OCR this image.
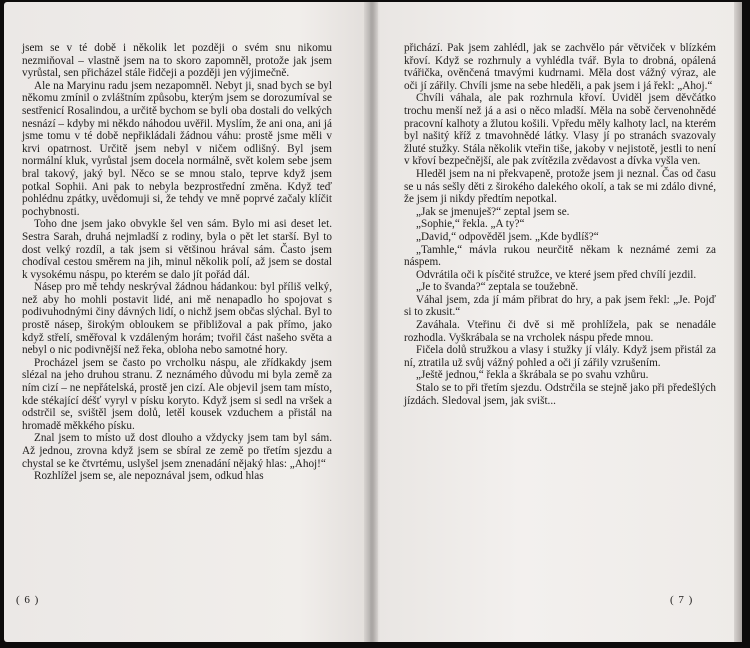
jsem se v té době i několik let později o svém snu nikomu nezmiňoval – vlastně jsem na to skoro zapomněl, protože jak jsem vyrůstal, sen přicházel stále řidčeji a později jen výjimečně.

Ale na Maryinu radu jsem nezapomněl. Nebyt ji, snad bych se byl někomu zmínil o zvláštním způsobu, kterým jsem se dorozumíval se sestřenicí Rosalindou, a určitě bychom se byli oba dostali do velkých nesnází – kdyby mi někdo náhodou uvěřil. Myslím, že ani ona, ani já jsme tomu v té době nepřikládali žádnou váhu: prostě jsme měli v krvi opatrnost. Určitě jsem nebyl v ničem odlišný. Byl jsem normální kluk, vyrůstal jsem docela normálně, svět kolem sebe jsem bral takový, jaký byl. Něco se se mnou stalo, teprve když jsem potkal Sophii. Ani pak to nebyla bezprostřední změna. Když teď pohlédnu zpátky, uvědomuji si, že tehdy ve mně poprvé začaly klíčit pochybnosti.

Toho dne jsem jako obvykle šel ven sám. Bylo mi asi deset let. Sestra Sarah, druhá nejmladší z rodiny, byla o pět let starší. Byl to dost velký rozdíl, a tak jsem si většinou hrával sám. Často jsem chodíval cestou směrem na jih, minul několik polí, až jsem se dostal k vysokému náspu, po kterém se dalo jít pořád dál.

Násep pro mě tehdy neskrýval žádnou hádankou: byl příliš velký, než aby ho mohli postavit lidé, ani mě nenapadlo ho spojovat s podivuhodnými činy dávných lidí, o nichž jsem občas slýchal. Byl to prostě násep, širokým obloukem se přibližoval a pak přímo, jako když střelí, směřoval k vzdáleným horám; tvořil část našeho světa a nebyl o nic podivnější než řeka, obloha nebo samotné hory.

Procházel jsem se často po vrcholku náspu, ale zřídkakdy jsem slézal na jeho druhou stranu. Z neznámého důvodu mi byla země za ním cizí – ne nepřátelská, prostě jen cizí. Ale objevil jsem tam místo, kde stékající déšť vyryl v písku koryto. Když jsem si sedl na vršek a odstrčil se, svištěl jsem dolů, letěl kousek vzduchem a přistál na hromadě měkkého písku.

Znal jsem to místo už dost dlouho a vždycky jsem tam byl sám. Až jednou, zrovna když jsem se sbíral ze země po třetím sjezdu a chystal se ke čtvrtému, uslyšel jsem znenadání nějaký hlas: „Ahoj!“

Rozhlížel jsem se, ale nepoznával jsem, odkud hlas

( 6 )

přichází. Pak jsem zahlédl, jak se zachvělo pár větviček v blízkém křoví. Když se rozhrnuly a vyhlédla tvář. Byla to drobná, opálená tvářička, ověnčená tmavými kudrnami. Měla dost vážný výraz, ale oči jí zářily. Chvíli jsme na sebe hleděli, a pak jsem i já řekl: „Ahoj.“

Chvíli váhala, ale pak rozhrnula křoví. Uviděl jsem děvčátko trochu menší než já a asi o něco mladší. Měla na sobě červenohnědé pracovní kalhoty a žlutou košili. Vpředu měly kalhoty lacl, na kterém byl našitý kříž z tmavohnědé látky. Vlasy jí po stranách svazovaly žluté stužky. Stála několik vteřin tiše, jakoby v nejistotě, jestli to není v křoví bezpečnější, ale pak zvítězila zvědavost a dívka vyšla ven.

Hleděl jsem na ni překvapeně, protože jsem ji neznal. Čas od času se u nás sešly děti z širokého dalekého okolí, a tak se mi zdálo divné, že jsem ji nikdy předtím nepotkal.

„Jak se jmenuješ?“ zeptal jsem se.

„Sophie,“ řekla. „A ty?“

„David,“ odpověděl jsem. „Kde bydlíš?“

„Tamhle,“ mávla rukou neurčitě někam k neznámé zemi za náspem.

Odvrátila oči k písčité stružce, ve které jsem před chvílí jezdil.

„Je to švanda?“ zeptala se toužebně.

Váhal jsem, zda jí mám přibrat do hry, a pak jsem řekl: „Je. Pojď si to zkusit.“

Zaváhala. Vteřinu či dvě si mě prohlížela, pak se nenadále rozhodla. Vyškrábala se na vrcholek náspu přede mnou.

Fičela dolů stružkou a vlasy i stužky jí vlály. Když jsem přistál za ní, ztratila už svůj vážný pohled a oči jí zářily vzrušením.

„Ještě jednou,“ řekla a škrábala se po svahu vzhůru.

Stalo se to při třetím sjezdu. Odstrčila se stejně jako při předešlých jízdách. Sledoval jsem, jak svišt...

( 7 )
